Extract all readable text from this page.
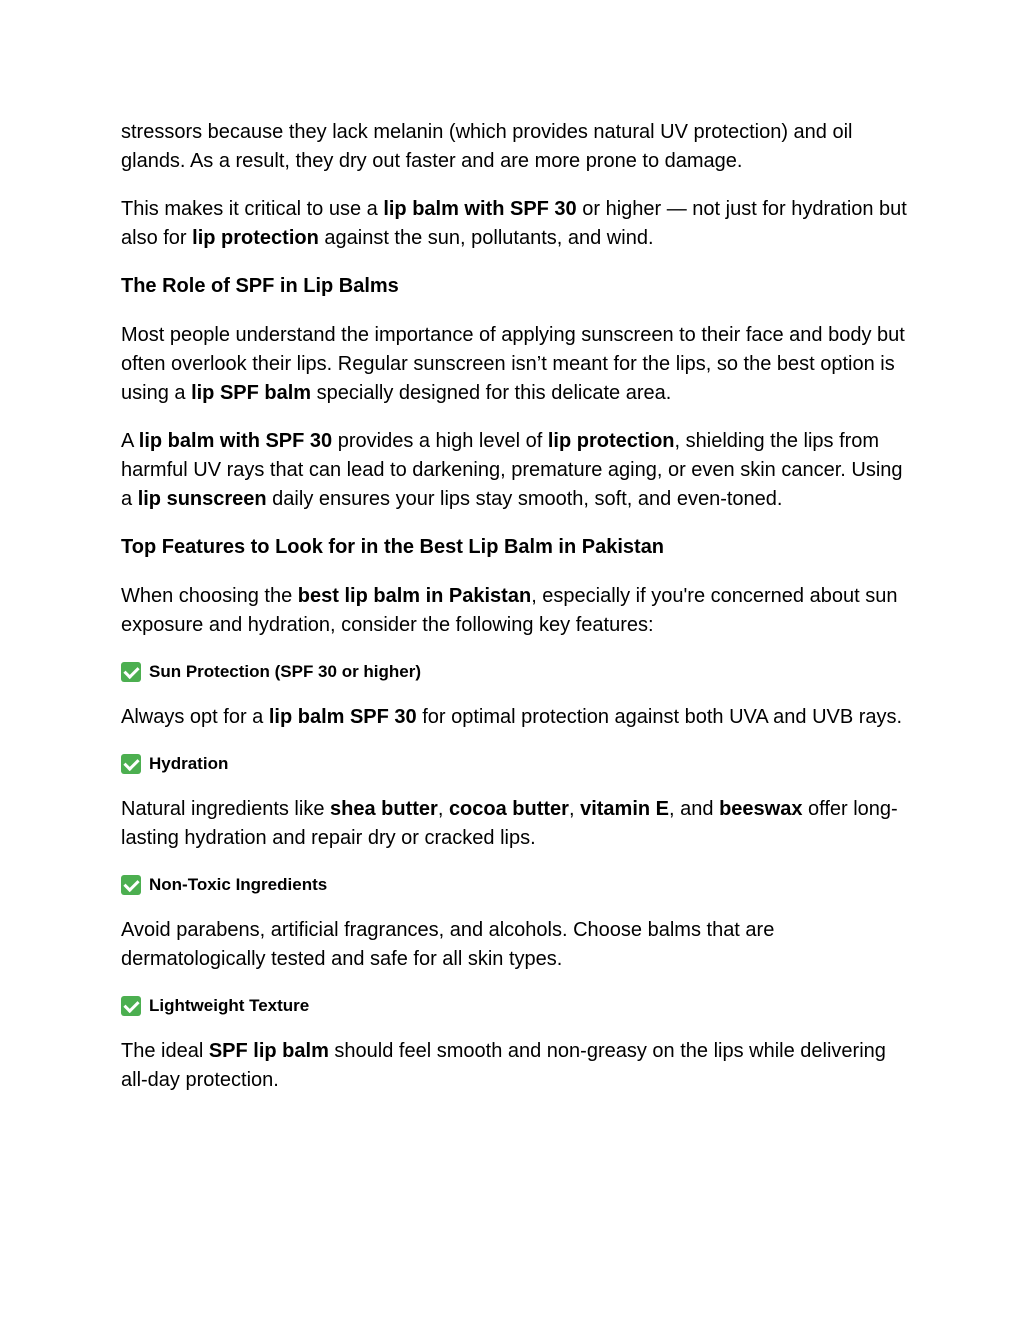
stressors because they lack melanin (which provides natural UV protection) and oil glands. As a result, they dry out faster and are more prone to damage.

This makes it critical to use a lip balm with SPF 30 or higher — not just for hydration but also for lip protection against the sun, pollutants, and wind.

The Role of SPF in Lip Balms

Most people understand the importance of applying sunscreen to their face and body but often overlook their lips. Regular sunscreen isn’t meant for the lips, so the best option is using a lip SPF balm specially designed for this delicate area.

A lip balm with SPF 30 provides a high level of lip protection, shielding the lips from harmful UV rays that can lead to darkening, premature aging, or even skin cancer. Using a lip sunscreen daily ensures your lips stay smooth, soft, and even-toned.

Top Features to Look for in the Best Lip Balm in Pakistan

When choosing the best lip balm in Pakistan, especially if you're concerned about sun exposure and hydration, consider the following key features:

Sun Protection (SPF 30 or higher)

Always opt for a lip balm SPF 30 for optimal protection against both UVA and UVB rays.

Hydration

Natural ingredients like shea butter, cocoa butter, vitamin E, and beeswax offer long-lasting hydration and repair dry or cracked lips.

Non-Toxic Ingredients

Avoid parabens, artificial fragrances, and alcohols. Choose balms that are dermatologically tested and safe for all skin types.

Lightweight Texture

The ideal SPF lip balm should feel smooth and non-greasy on the lips while delivering all-day protection.
